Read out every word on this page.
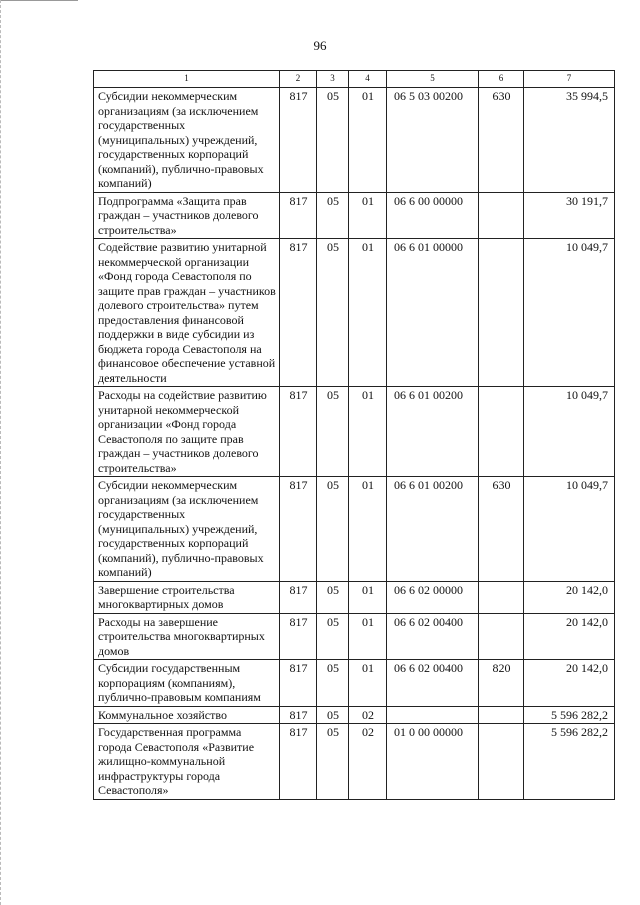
96
1	2	3	4	5	6	7
Субсидии некоммерческим организациям (за исключением государственных (муниципальных) учреждений, государственных корпораций (компаний), публично-правовых компаний)	817	05	01	06 5 03 00200	630	35 994,5
Подпрограмма «Защита прав граждан – участников долевого строительства»	817	05	01	06 6 00 00000		30 191,7
Содействие развитию унитарной некоммерческой организации «Фонд города Севастополя по защите прав граждан – участников долевого строительства» путем предоставления финансовой поддержки в виде субсидии из бюджета города Севастополя на финансовое обеспечение уставной деятельности	817	05	01	06 6 01 00000		10 049,7
Расходы на содействие развитию унитарной некоммерческой организации «Фонд города Севастополя по защите прав граждан – участников долевого строительства»	817	05	01	06 6 01 00200		10 049,7
Субсидии некоммерческим организациям (за исключением государственных (муниципальных) учреждений, государственных корпораций (компаний), публично-правовых компаний)	817	05	01	06 6 01 00200	630	10 049,7
Завершение строительства многоквартирных домов	817	05	01	06 6 02 00000		20 142,0
Расходы на завершение строительства многоквартирных домов	817	05	01	06 6 02 00400		20 142,0
Субсидии государственным корпорациям (компаниям), публично-правовым компаниям	817	05	01	06 6 02 00400	820	20 142,0
Коммунальное хозяйство	817	05	02			5 596 282,2
Государственная программа города Севастополя «Развитие жилищно-коммунальной инфраструктуры города Севастополя»	817	05	02	01 0 00 00000		5 596 282,2
